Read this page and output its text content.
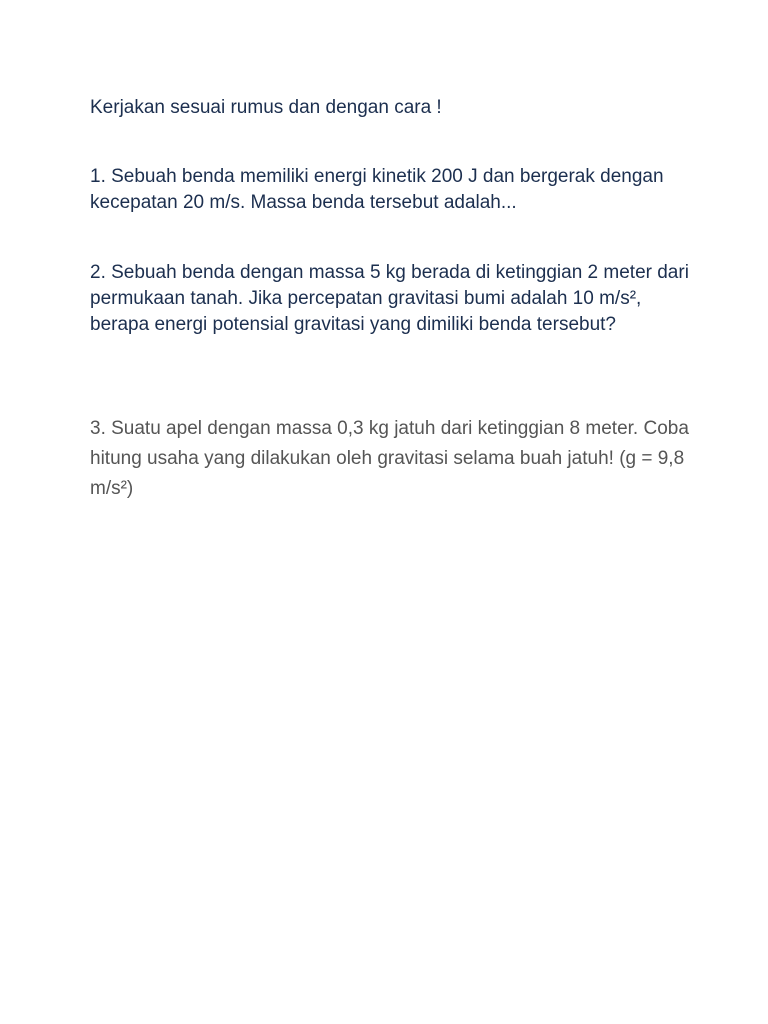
Kerjakan sesuai rumus dan dengan cara !

1. Sebuah benda memiliki energi kinetik 200 J dan bergerak dengan kecepatan 20 m/s. Massa benda tersebut adalah...

2. Sebuah benda dengan massa 5 kg berada di ketinggian 2 meter dari permukaan tanah. Jika percepatan gravitasi bumi adalah 10 m/s², berapa energi potensial gravitasi yang dimiliki benda tersebut?

3. Suatu apel dengan massa 0,3 kg jatuh dari ketinggian 8 meter. Coba hitung usaha yang dilakukan oleh gravitasi selama buah jatuh! (g = 9,8 m/s²)
